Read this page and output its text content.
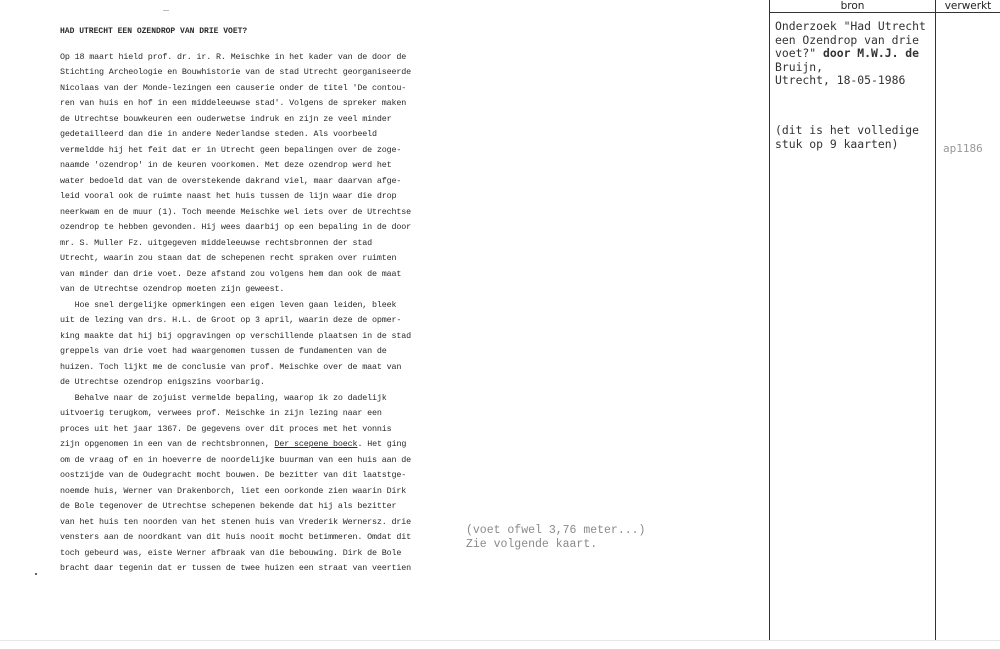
HAD UTRECHT EEN OZENDROP VAN DRIE VOET?

Op 18 maart hield prof. dr. ir. R. Meischke in het kader van de door de

Stichting Archeologie en Bouwhistorie van de stad Utrecht georganiseerde

Nicolaas van der Monde-lezingen een causerie onder de titel 'De contou-

ren van huis en hof in een middeleeuwse stad'. Volgens de spreker maken

de Utrechtse bouwkeuren een ouderwetse indruk en zijn ze veel minder

gedetailleerd dan die in andere Nederlandse steden. Als voorbeeld

vermeldde hij het feit dat er in Utrecht geen bepalingen over de zoge-

naamde 'ozendrop' in de keuren voorkomen. Met deze ozendrop werd het

water bedoeld dat van de overstekende dakrand viel, maar daarvan afge-

leid vooral ook de ruimte naast het huis tussen de lijn waar die drop

neerkwam en de muur (1). Toch meende Meischke wel iets over de Utrechtse

ozendrop te hebben gevonden. Hij wees daarbij op een bepaling in de door

mr. S. Muller Fz. uitgegeven middeleeuwse rechtsbronnen der stad

Utrecht, waarin zou staan dat de schepenen recht spraken over ruimten

van minder dan drie voet. Deze afstand zou volgens hem dan ook de maat

van de Utrechtse ozendrop moeten zijn geweest.

Hoe snel dergelijke opmerkingen een eigen leven gaan leiden, bleek

uit de lezing van drs. H.L. de Groot op 3 april, waarin deze de opmer-

king maakte dat hij bij opgravingen op verschillende plaatsen in de stad

greppels van drie voet had waargenomen tussen de fundamenten van de

huizen. Toch lijkt me de conclusie van prof. Meischke over de maat van

de Utrechtse ozendrop enigszins voorbarig.

Behalve naar de zojuist vermelde bepaling, waarop ik zo dadelijk

uitvoerig terugkom, verwees prof. Meischke in zijn lezing naar een

proces uit het jaar 1367. De gegevens over dit proces met het vonnis

zijn opgenomen in een van de rechtsbronnen, Der scepene boeck. Het ging

om de vraag of en in hoeverre de noordelijke buurman van een huis aan de

oostzijde van de Oudegracht mocht bouwen. De bezitter van dit laatstge-

noemde huis, Werner van Drakenborch, liet een oorkonde zien waarin Dirk

de Bole tegenover de Utrechtse schepenen bekende dat hij als bezitter

van het huis ten noorden van het stenen huis van Vrederik Wernersz. drie

vensters aan de noordkant van dit huis nooit mocht betimmeren. Omdat dit

toch gebeurd was, eiste Werner afbraak van die bebouwing. Dirk de Bole

bracht daar tegenin dat er tussen de twee huizen een straat van veertien

(voet ofwel 3,76 meter...)
Zie volgende kaart.
bron	verwerkt
Onderzoek "Had Utrecht
een Ozendrop van drie
voet?" door M.W.J. de
Bruijn,
Utrecht, 18-05-1986
(dit is het volledige
stuk op 9 kaarten)	ap1186
